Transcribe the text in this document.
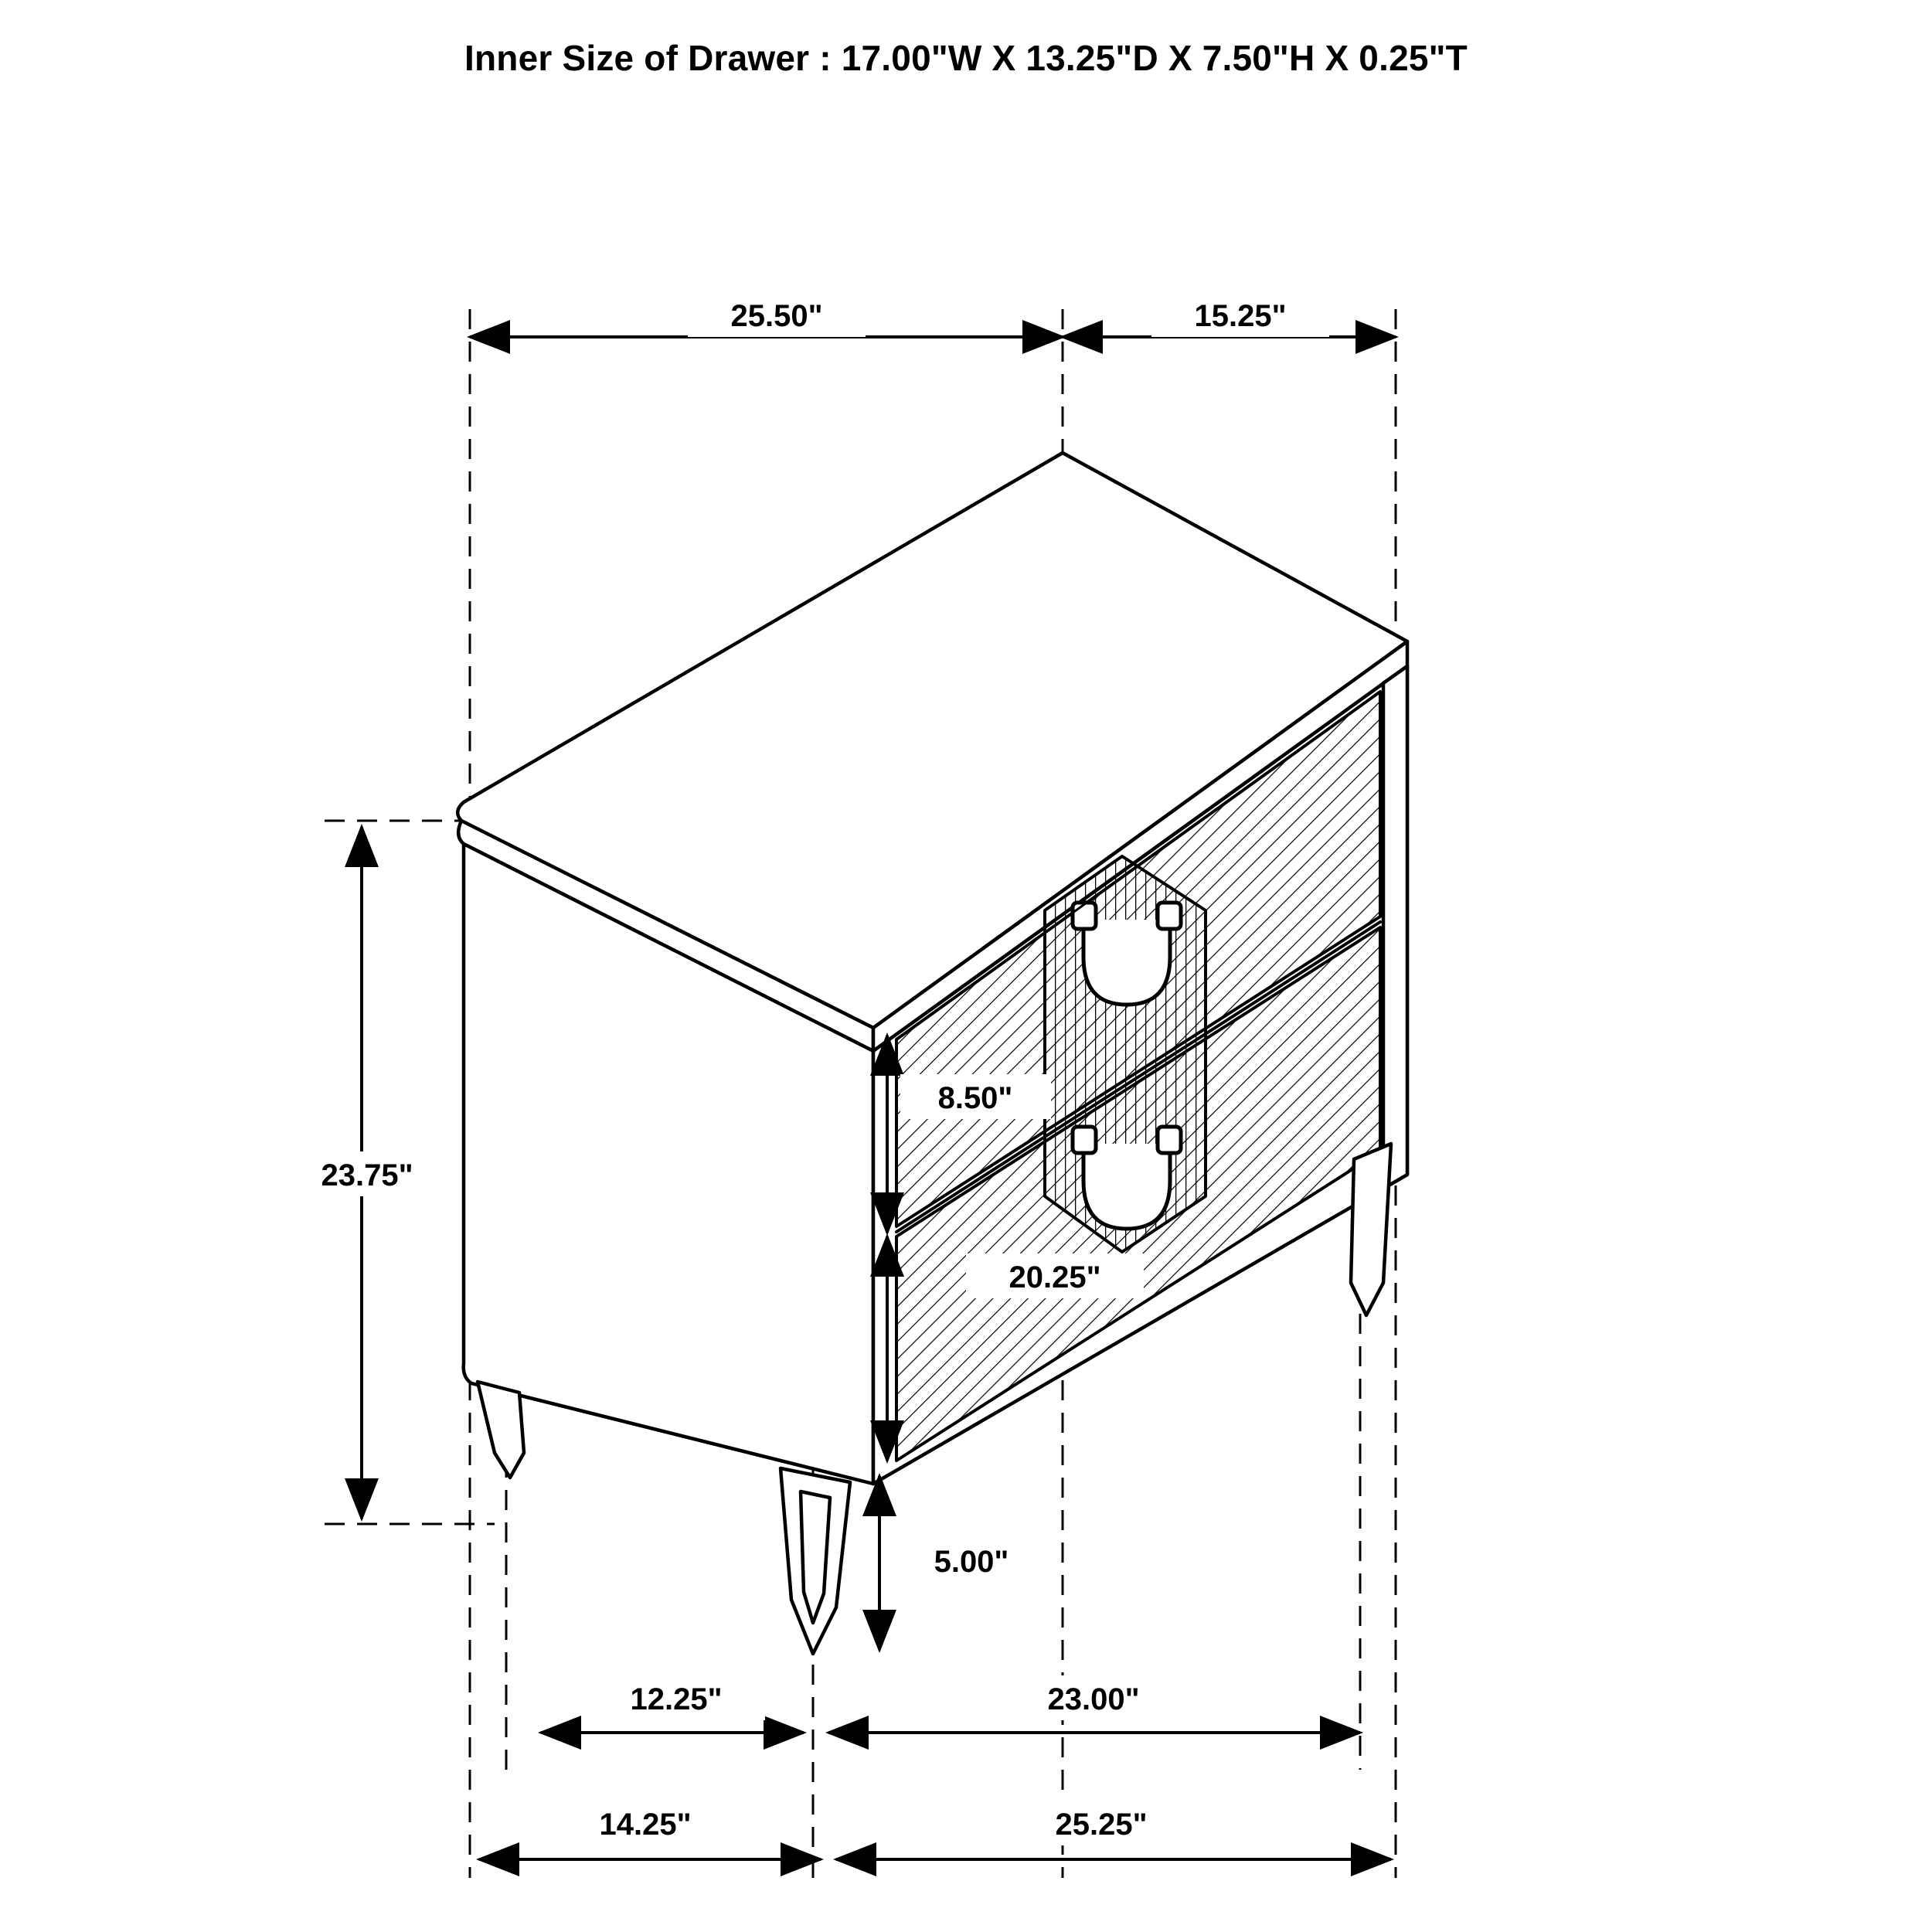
Inner Size of Drawer : 17.00"W X 13.25"D X 7.50"H X 0.25"T
25.50"	15.25"
23.75"
8.50"
20.25"
5.00"
12.25"	23.00"
14.25"	25.25"
